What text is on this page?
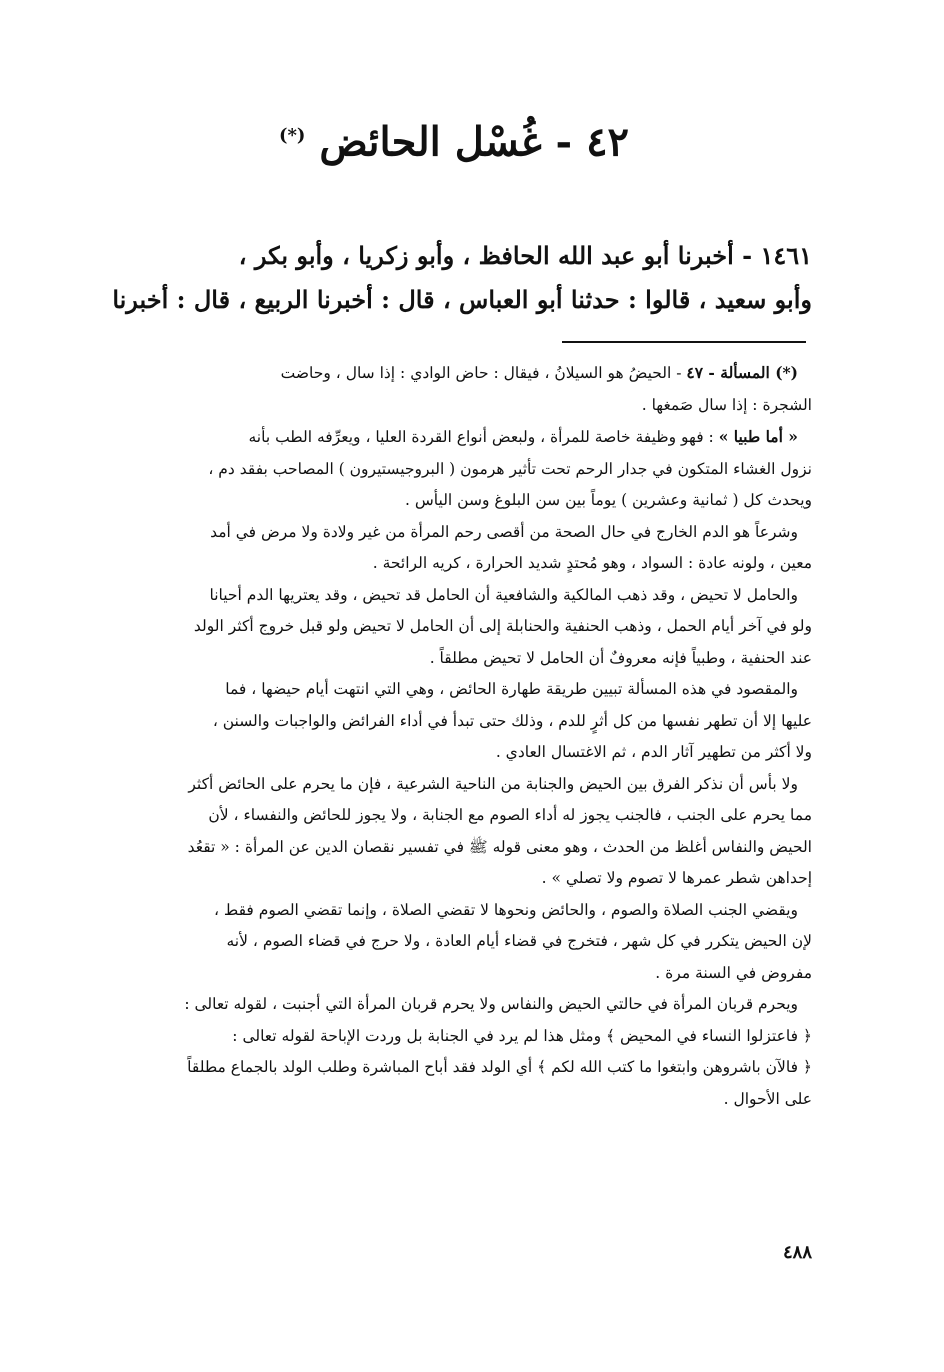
٤٢ - غُسْل الحائض (*)
١٤٦١ - أخبرنا أبو عبد الله الحافظ ، وأبو زكريا ، وأبو بكر ،
وأبو سعيد ، قالوا : حدثنا أبو العباس ، قال : أخبرنا الربيع ، قال : أخبرنا
(*) المسألة - ٤٧ - الحيضُ هو السيلانُ ، فيقال : حاض الوادي : إذا سال ، وحاضت
الشجرة : إذا سال صَمغها .
« أما طبيا » : فهو وظيفة خاصة للمرأة ، ولبعض أنواع القردة العليا ، ويعرِّفه الطب بأنه
نزول الغشاء المتكون في جدار الرحم تحت تأثير هرمون ( البروجيستيرون ) المصاحب بفقد دم ،
ويحدث كل ( ثمانية وعشرين ) يوماً بين سن البلوغ وسن اليأس .
وشرعاً هو الدم الخارج في حال الصحة من أقصى رحم المرأة من غير ولادة ولا مرض في أمد
معين ، ولونه عادة : السواد ، وهو مُحتدٍ شديد الحرارة ، كريه الرائحة .
والحامل لا تحيض ، وقد ذهب المالكية والشافعية أن الحامل قد تحيض ، وقد يعتريها الدم أحيانا
ولو في آخر أيام الحمل ، وذهب الحنفية والحنابلة إلى أن الحامل لا تحيض ولو قبل خروج أكثر الولد
عند الحنفية ، وطبياً فإنه معروفٌ أن الحامل لا تحيض مطلقاً .
والمقصود في هذه المسألة تبيين طريقة طهارة الحائض ، وهي التي انتهت أيام حيضها ، فما
عليها إلا أن تطهر نفسها من كل أثرٍ للدم ، وذلك حتى تبدأ في أداء الفرائض والواجبات والسنن ،
ولا أكثر من تطهير آثار الدم ، ثم الاغتسال العادي .
ولا بأس أن نذكر الفرق بين الحيض والجنابة من الناحية الشرعية ، فإن ما يحرم على الحائض أكثر
مما يحرم على الجنب ، فالجنب يجوز له أداء الصوم مع الجنابة ، ولا يجوز للحائض والنفساء ، لأن
الحيض والنفاس أغلظ من الحدث ، وهو معنى قوله ﷺ في تفسير نقصان الدين عن المرأة : « تقعُد
إحداهن شطر عمرها لا تصوم ولا تصلي » .
ويقضي الجنب الصلاة والصوم ، والحائض ونحوها لا تقضي الصلاة ، وإنما تقضي الصوم فقط ،
لإن الحيض يتكرر في كل شهر ، فتخرج في قضاء أيام العادة ، ولا حرج في قضاء الصوم ، لأنه
مفروض في السنة مرة .
ويحرم قربان المرأة في حالتي الحيض والنفاس ولا يحرم قربان المرأة التي أجنبت ، لقوله تعالى :
﴿ فاعتزلوا النساء في المحيض ﴾ ومثل هذا لم يرد في الجنابة بل وردت الإباحة لقوله تعالى :
﴿ فالآن باشروهن وابتغوا ما كتب الله لكم ﴾ أي الولد فقد أباح المباشرة وطلب الولد بالجماع مطلقاً
على الأحوال .
٤٨٨
